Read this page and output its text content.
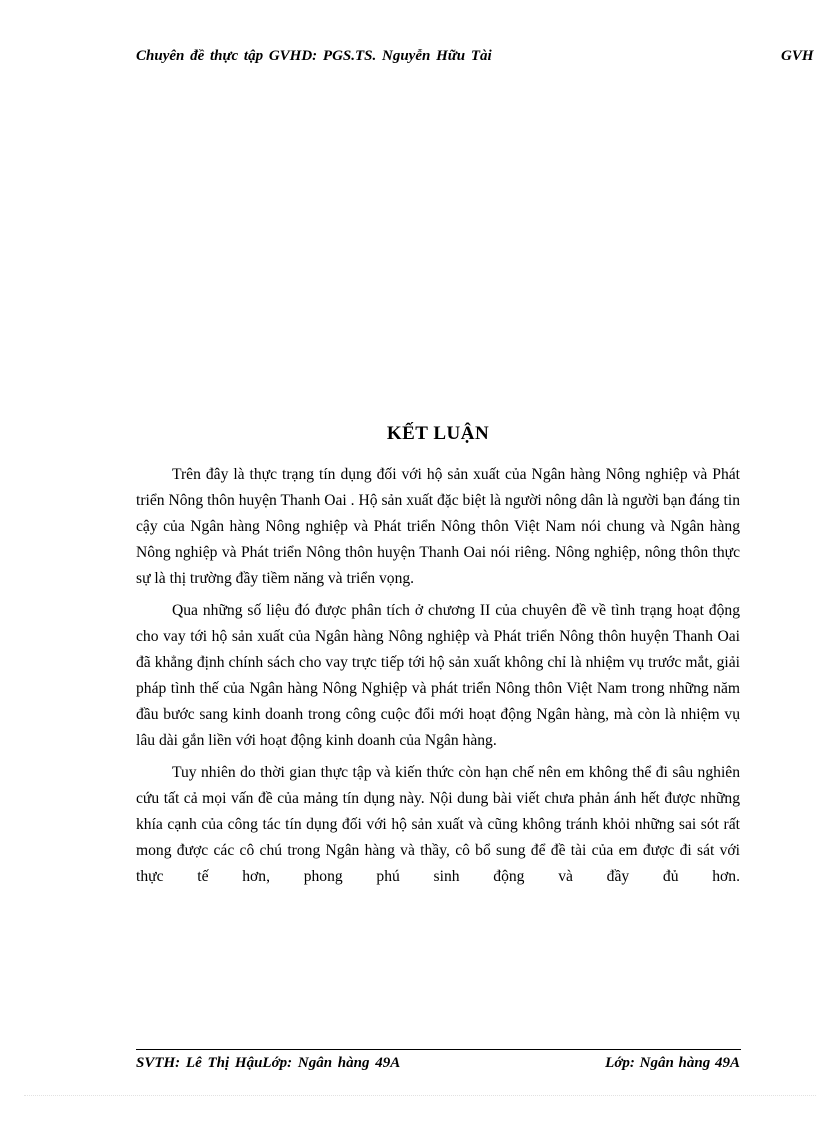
Chuyên đề thực tập GVHD: PGS.TS. Nguyễn Hữu Tài	GVH
KẾT LUẬN

Trên đây là thực trạng tín dụng đối với hộ sản xuất của Ngân hàng Nông nghiệp và Phát triển Nông thôn huyện Thanh Oai . Hộ sản xuất đặc biệt là người nông dân là người bạn đáng tin cậy của Ngân hàng Nông nghiệp và Phát triển Nông thôn Việt Nam nói chung và Ngân hàng Nông nghiệp và Phát triển Nông thôn huyện Thanh Oai nói riêng. Nông nghiệp, nông thôn thực sự là thị trường đầy tiềm năng và triển vọng.

Qua những số liệu đó được phân tích ở chương II của chuyên đề về tình trạng hoạt động cho vay tới hộ sản xuất của Ngân hàng Nông nghiệp và Phát triển Nông thôn huyện Thanh Oai đã khẳng định chính sách cho vay trực tiếp tới hộ sản xuất không chỉ là nhiệm vụ trước mắt, giải pháp tình thế của Ngân hàng Nông Nghiệp và phát triển Nông thôn Việt Nam trong những năm đầu bước sang kinh doanh trong công cuộc đổi mới hoạt động Ngân hàng, mà còn là nhiệm vụ lâu dài gắn liền với hoạt động kinh doanh của Ngân hàng.

Tuy nhiên do thời gian thực tập và kiến thức còn hạn chế nên em không thể đi sâu nghiên cứu tất cả mọi vấn đề của mảng tín dụng này. Nội dung bài viết chưa phản ánh hết được những khía cạnh của công tác tín dụng đối với hộ sản xuất và cũng không tránh khỏi những sai sót rất mong được các cô chú trong Ngân hàng và thầy, cô bổ sung để đề tài của em được đi sát với thực tế hơn, phong phú sinh động và đầy đủ hơn.

SVTH: Lê Thị HậuLớp: Ngân hàng 49A	Lớp: Ngân hàng 49A
